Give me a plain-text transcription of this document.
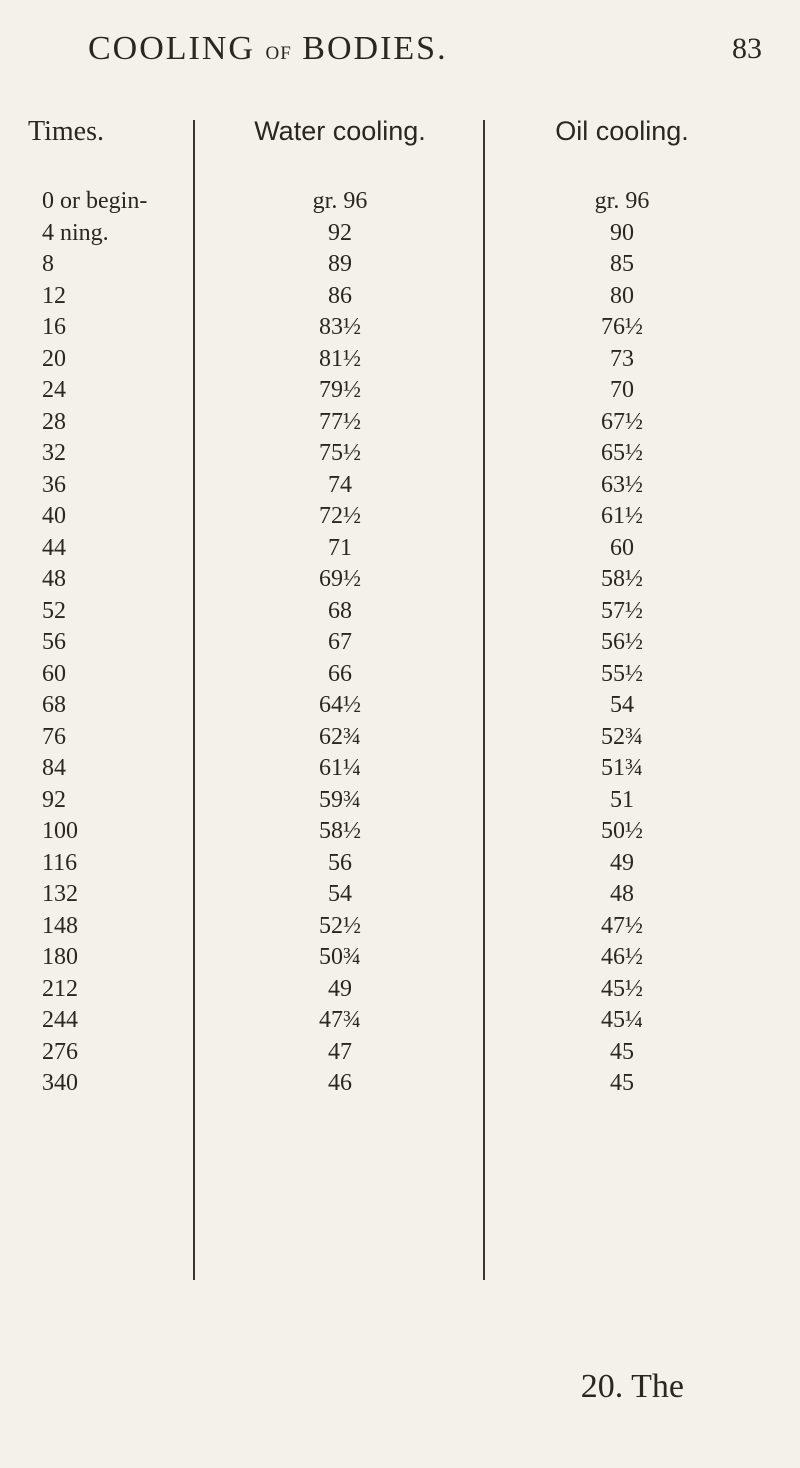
COOLING OF BODIES.	83
Times.	Water cooling.	Oil cooling.
0 or begin-	gr. 96	gr. 96
4 ning.	92	90
8	89	85
12	86	80
16	83½	76½
20	81½	73
24	79½	70
28	77½	67½
32	75½	65½
36	74	63½
40	72½	61½
44	71	60
48	69½	58½
52	68	57½
56	67	56½
60	66	55½
68	64½	54
76	62¾	52¾
84	61¼	51¾
92	59¾	51
100	58½	50½
116	56	49
132	54	48
148	52½	47½
180	50¾	46½
212	49	45½
244	47¾	45¼
276	47	45
340	46	45
20. The
